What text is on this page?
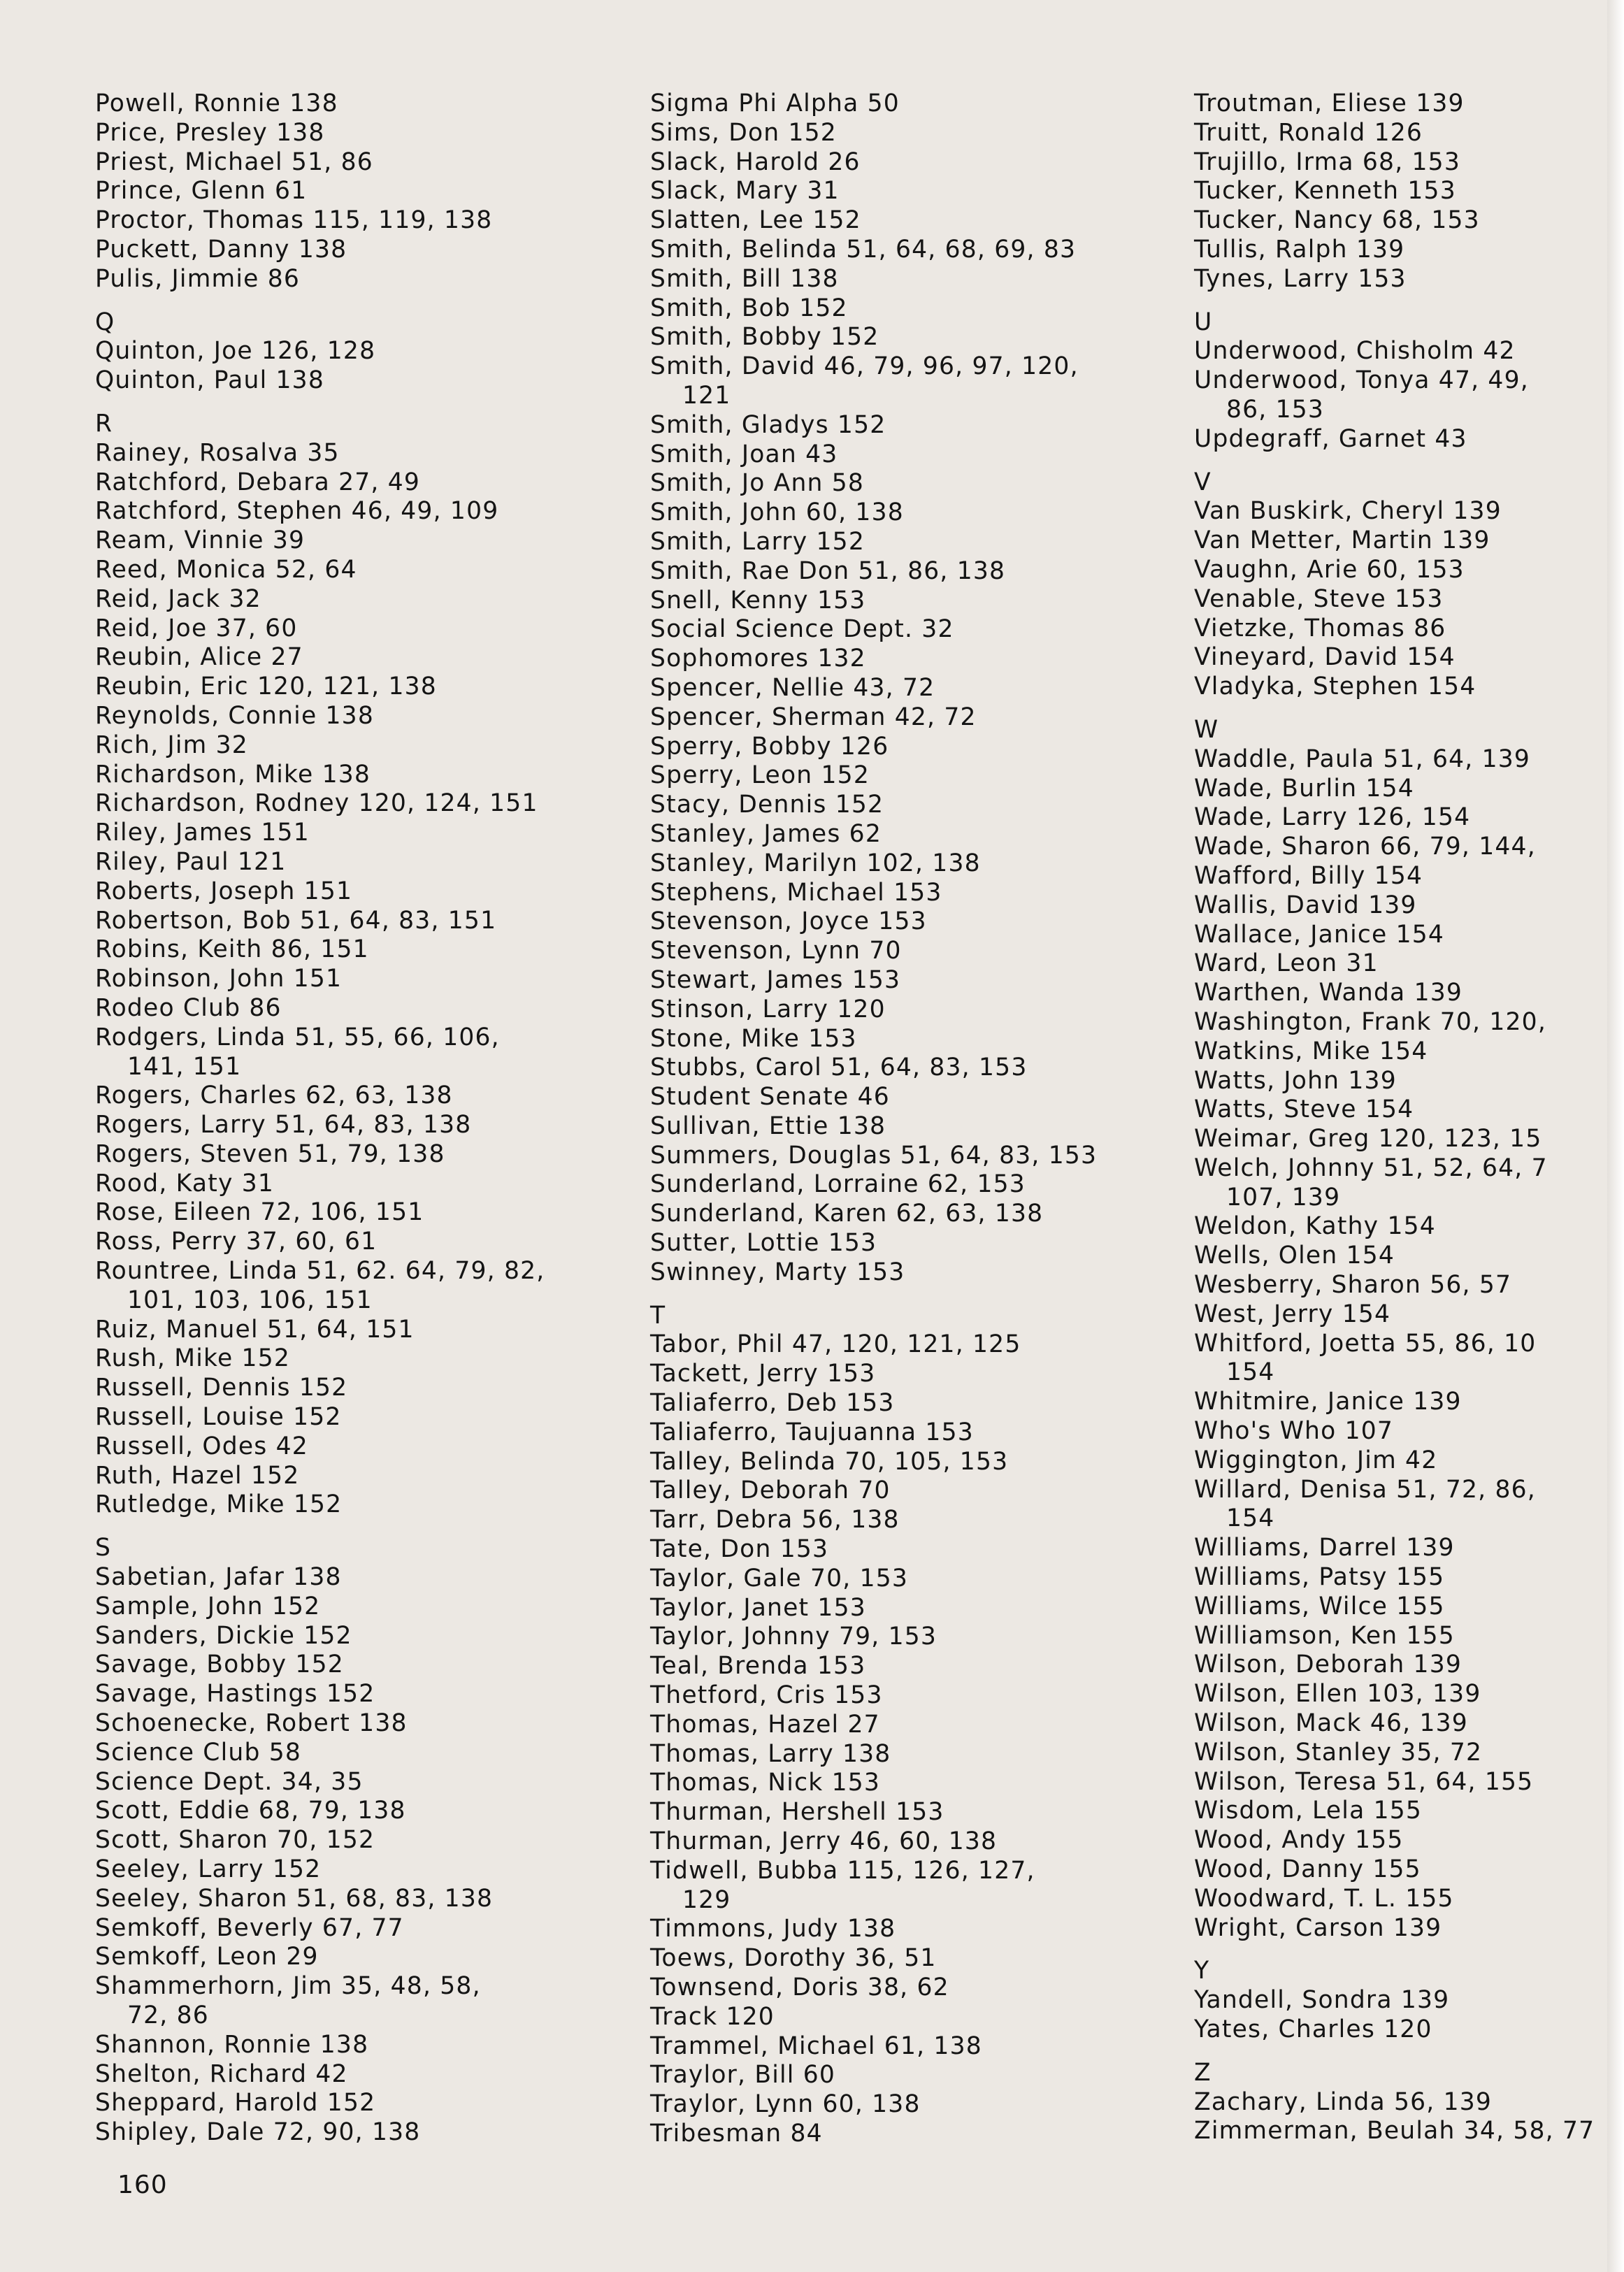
Powell, Ronnie 138
Price, Presley 138
Priest, Michael 51, 86
Prince, Glenn 61
Proctor, Thomas 115, 119, 138
Puckett, Danny 138
Pulis, Jimmie 86
Q
Quinton, Joe 126, 128
Quinton, Paul 138
R
Rainey, Rosalva 35
Ratchford, Debara 27, 49
Ratchford, Stephen 46, 49, 109
Ream, Vinnie 39
Reed, Monica 52, 64
Reid, Jack 32
Reid, Joe 37, 60
Reubin, Alice 27
Reubin, Eric 120, 121, 138
Reynolds, Connie 138
Rich, Jim 32
Richardson, Mike 138
Richardson, Rodney 120, 124, 151
Riley, James 151
Riley, Paul 121
Roberts, Joseph 151
Robertson, Bob 51, 64, 83, 151
Robins, Keith 86, 151
Robinson, John 151
Rodeo Club 86
Rodgers, Linda 51, 55, 66, 106,
141, 151
Rogers, Charles 62, 63, 138
Rogers, Larry 51, 64, 83, 138
Rogers, Steven 51, 79, 138
Rood, Katy 31
Rose, Eileen 72, 106, 151
Ross, Perry 37, 60, 61
Rountree, Linda 51, 62. 64, 79, 82,
101, 103, 106, 151
Ruiz, Manuel 51, 64, 151
Rush, Mike 152
Russell, Dennis 152
Russell, Louise 152
Russell, Odes 42
Ruth, Hazel 152
Rutledge, Mike 152
S
Sabetian, Jafar 138
Sample, John 152
Sanders, Dickie 152
Savage, Bobby 152
Savage, Hastings 152
Schoenecke, Robert 138
Science Club 58
Science Dept. 34, 35
Scott, Eddie 68, 79, 138
Scott, Sharon 70, 152
Seeley, Larry 152
Seeley, Sharon 51, 68, 83, 138
Semkoff, Beverly 67, 77
Semkoff, Leon 29
Shammerhorn, Jim 35, 48, 58,
72, 86
Shannon, Ronnie 138
Shelton, Richard 42
Sheppard, Harold 152
Shipley, Dale 72, 90, 138
Sigma Phi Alpha 50
Sims, Don 152
Slack, Harold 26
Slack, Mary 31
Slatten, Lee 152
Smith, Belinda 51, 64, 68, 69, 83
Smith, Bill 138
Smith, Bob 152
Smith, Bobby 152
Smith, David 46, 79, 96, 97, 120,
121
Smith, Gladys 152
Smith, Joan 43
Smith, Jo Ann 58
Smith, John 60, 138
Smith, Larry 152
Smith, Rae Don 51, 86, 138
Snell, Kenny 153
Social Science Dept. 32
Sophomores 132
Spencer, Nellie 43, 72
Spencer, Sherman 42, 72
Sperry, Bobby 126
Sperry, Leon 152
Stacy, Dennis 152
Stanley, James 62
Stanley, Marilyn 102, 138
Stephens, Michael 153
Stevenson, Joyce 153
Stevenson, Lynn 70
Stewart, James 153
Stinson, Larry 120
Stone, Mike 153
Stubbs, Carol 51, 64, 83, 153
Student Senate 46
Sullivan, Ettie 138
Summers, Douglas 51, 64, 83, 153
Sunderland, Lorraine 62, 153
Sunderland, Karen 62, 63, 138
Sutter, Lottie 153
Swinney, Marty 153
T
Tabor, Phil 47, 120, 121, 125
Tackett, Jerry 153
Taliaferro, Deb 153
Taliaferro, Taujuanna 153
Talley, Belinda 70, 105, 153
Talley, Deborah 70
Tarr, Debra 56, 138
Tate, Don 153
Taylor, Gale 70, 153
Taylor, Janet 153
Taylor, Johnny 79, 153
Teal, Brenda 153
Thetford, Cris 153
Thomas, Hazel 27
Thomas, Larry 138
Thomas, Nick 153
Thurman, Hershell 153
Thurman, Jerry 46, 60, 138
Tidwell, Bubba 115, 126, 127,
129
Timmons, Judy 138
Toews, Dorothy 36, 51
Townsend, Doris 38, 62
Track 120
Trammel, Michael 61, 138
Traylor, Bill 60
Traylor, Lynn 60, 138
Tribesman 84
Troutman, Eliese 139
Truitt, Ronald 126
Trujillo, Irma 68, 153
Tucker, Kenneth 153
Tucker, Nancy 68, 153
Tullis, Ralph 139
Tynes, Larry 153
U
Underwood, Chisholm 42
Underwood, Tonya 47, 49,
86, 153
Updegraff, Garnet 43
V
Van Buskirk, Cheryl 139
Van Metter, Martin 139
Vaughn, Arie 60, 153
Venable, Steve 153
Vietzke, Thomas 86
Vineyard, David 154
Vladyka, Stephen 154
W
Waddle, Paula 51, 64, 139
Wade, Burlin 154
Wade, Larry 126, 154
Wade, Sharon 66, 79, 144,
Wafford, Billy 154
Wallis, David 139
Wallace, Janice 154
Ward, Leon 31
Warthen, Wanda 139
Washington, Frank 70, 120,
Watkins, Mike 154
Watts, John 139
Watts, Steve 154
Weimar, Greg 120, 123, 15
Welch, Johnny 51, 52, 64, 7
107, 139
Weldon, Kathy 154
Wells, Olen 154
Wesberry, Sharon 56, 57
West, Jerry 154
Whitford, Joetta 55, 86, 10
154
Whitmire, Janice 139
Who's Who 107
Wiggington, Jim 42
Willard, Denisa 51, 72, 86,
154
Williams, Darrel 139
Williams, Patsy 155
Williams, Wilce 155
Williamson, Ken 155
Wilson, Deborah 139
Wilson, Ellen 103, 139
Wilson, Mack 46, 139
Wilson, Stanley 35, 72
Wilson, Teresa 51, 64, 155
Wisdom, Lela 155
Wood, Andy 155
Wood, Danny 155
Woodward, T. L. 155
Wright, Carson 139
Y
Yandell, Sondra 139
Yates, Charles 120
Z
Zachary, Linda 56, 139
Zimmerman, Beulah 34, 58, 77
160
